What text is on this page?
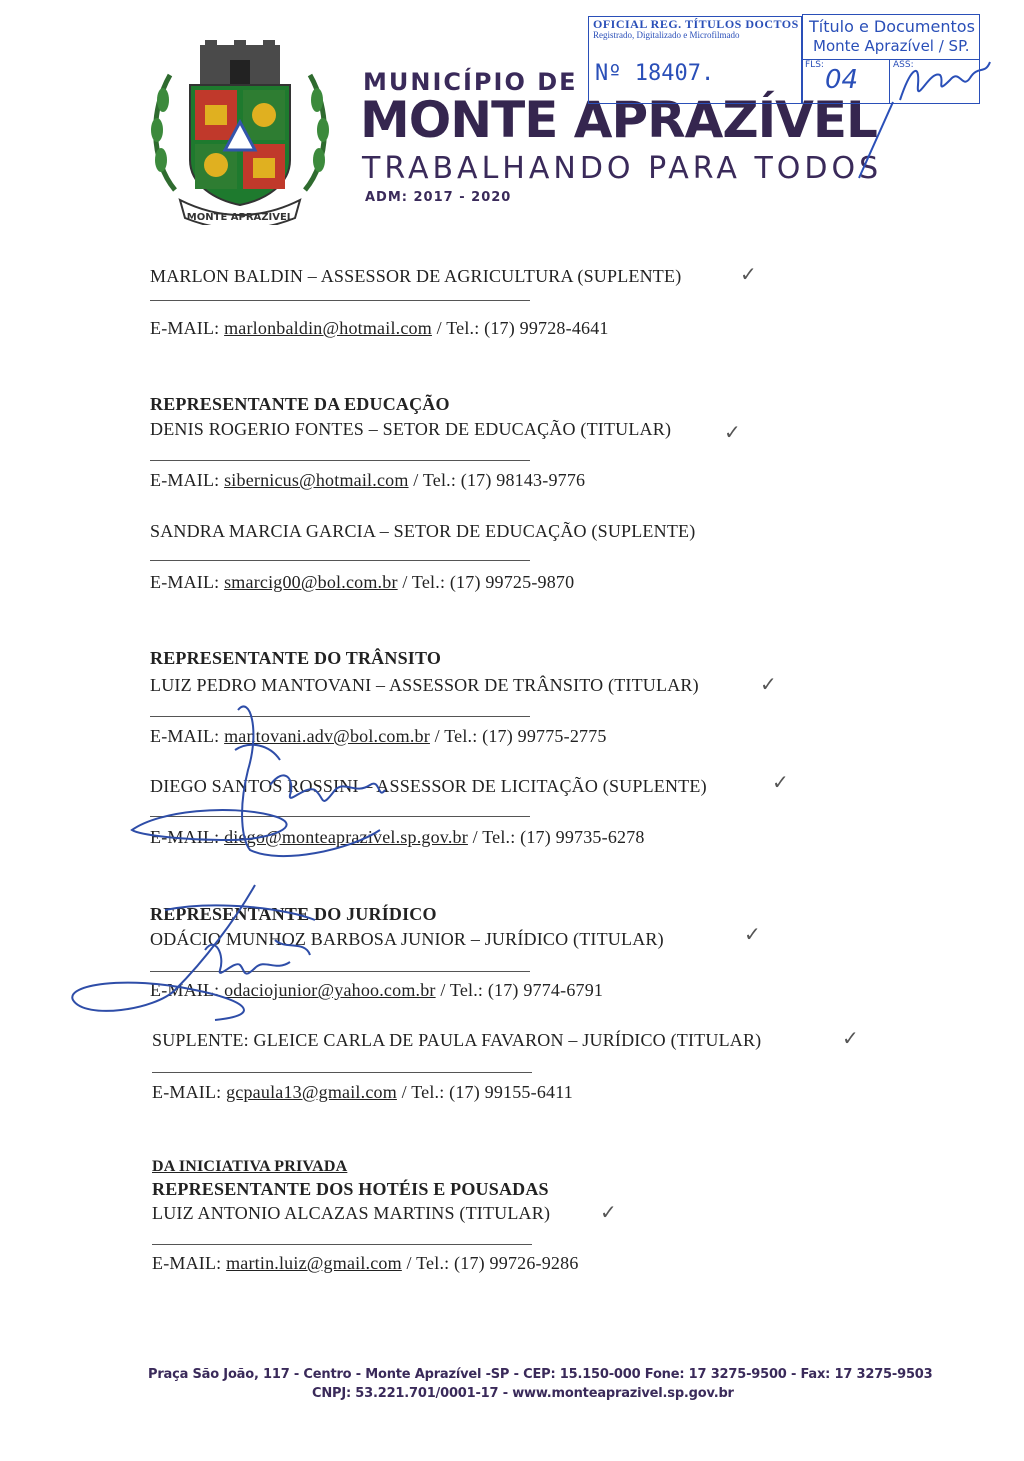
MONTE APRAZÍVEL
MUNICÍPIO DE
MONTE APRAZÍVEL
TRABALHANDO PARA TODOS
ADM: 2017 - 2020
OFICIAL REG. TÍTULOS DOCTOS
Registrado, Digitalizado e Microfilmado
Nº 18407.
Título e Documentos
Monte Aprazível / SP.
FLS: 04	ASS:
MARLON BALDIN – ASSESSOR DE AGRICULTURA (SUPLENTE)	✓
E-MAIL: marlonbaldin@hotmail.com / Tel.: (17) 99728-4641
REPRESENTANTE DA EDUCAÇÃO
DENIS ROGERIO FONTES – SETOR DE EDUCAÇÃO (TITULAR)	✓
E-MAIL: sibernicus@hotmail.com / Tel.: (17) 98143-9776
SANDRA MARCIA GARCIA – SETOR DE EDUCAÇÃO (SUPLENTE)
E-MAIL: smarcig00@bol.com.br / Tel.: (17) 99725-9870
REPRESENTANTE DO TRÂNSITO
LUIZ PEDRO MANTOVANI – ASSESSOR DE TRÂNSITO (TITULAR)	✓
E-MAIL: mantovani.adv@bol.com.br / Tel.: (17) 99775-2775
DIEGO SANTOS ROSSINI – ASSESSOR DE LICITAÇÃO (SUPLENTE)	✓
E-MAIL: diego@monteaprazivel.sp.gov.br / Tel.: (17) 99735-6278
REPRESENTANTE DO JURÍDICO
ODÁCIO MUNHOZ BARBOSA JUNIOR – JURÍDICO (TITULAR)	✓
E-MAIL: odaciojunior@yahoo.com.br / Tel.: (17) 9774-6791
SUPLENTE: GLEICE CARLA DE PAULA FAVARON – JURÍDICO (TITULAR)	✓
E-MAIL: gcpaula13@gmail.com / Tel.: (17) 99155-6411
DA INICIATIVA PRIVADA
REPRESENTANTE DOS HOTÉIS E POUSADAS
LUIZ ANTONIO ALCAZAS MARTINS (TITULAR) ✓
E-MAIL: martin.luiz@gmail.com / Tel.: (17) 99726-9286
Praça São João, 117 - Centro - Monte Aprazível -SP - CEP: 15.150-000 Fone: 17 3275-9500 - Fax: 17 3275-9503
CNPJ: 53.221.701/0001-17 - www.monteaprazivel.sp.gov.br
